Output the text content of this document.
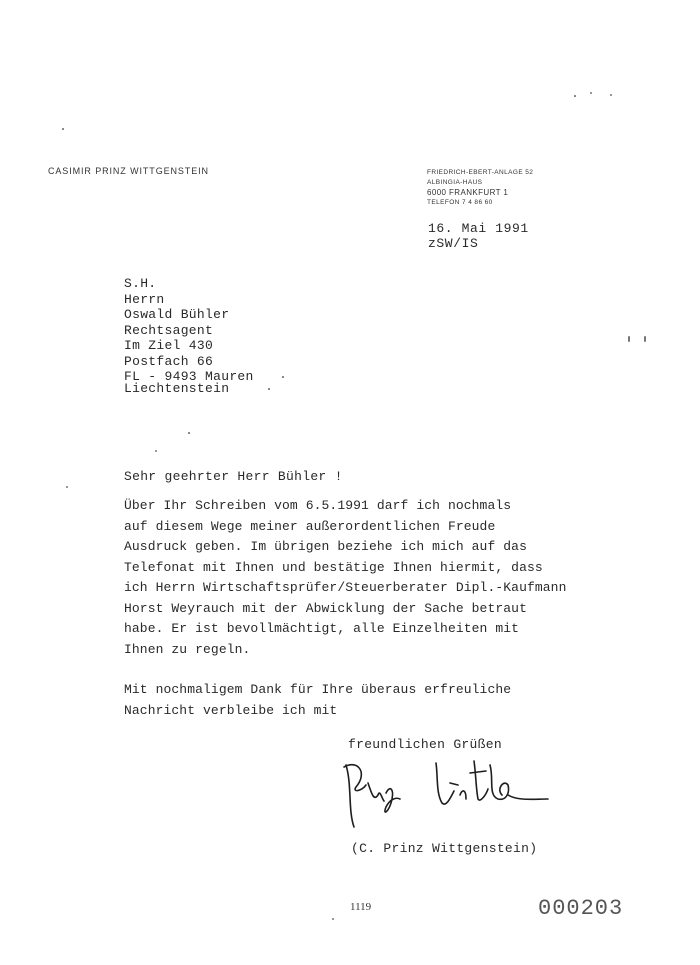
CASIMIR PRINZ WITTGENSTEIN	FRIEDRICH-EBERT-ANLAGE 52
ALBINGIA-HAUS
6000 FRANKFURT 1
TELEFON 7 4 86 60
16. Mai 1991
zSW/IS
S.H.
Herrn
Oswald Bühler
Rechtsagent
Im Ziel 430
Postfach 66
FL - 9493 Mauren
Liechtenstein
Sehr geehrter Herr Bühler !
Über Ihr Schreiben vom 6.5.1991 darf ich nochmals
auf diesem Wege meiner außerordentlichen Freude
Ausdruck geben. Im übrigen beziehe ich mich auf das
Telefonat mit Ihnen und bestätige Ihnen hiermit, dass
ich Herrn Wirtschaftsprüfer/Steuerberater Dipl.-Kaufmann
Horst Weyrauch mit der Abwicklung der Sache betraut
habe. Er ist bevollmächtigt, alle Einzelheiten mit
Ihnen zu regeln.
Mit nochmaligem Dank für Ihre überaus erfreuliche
Nachricht verbleibe ich mit
freundlichen Grüßen
(C. Prinz Wittgenstein)
1119	000203
